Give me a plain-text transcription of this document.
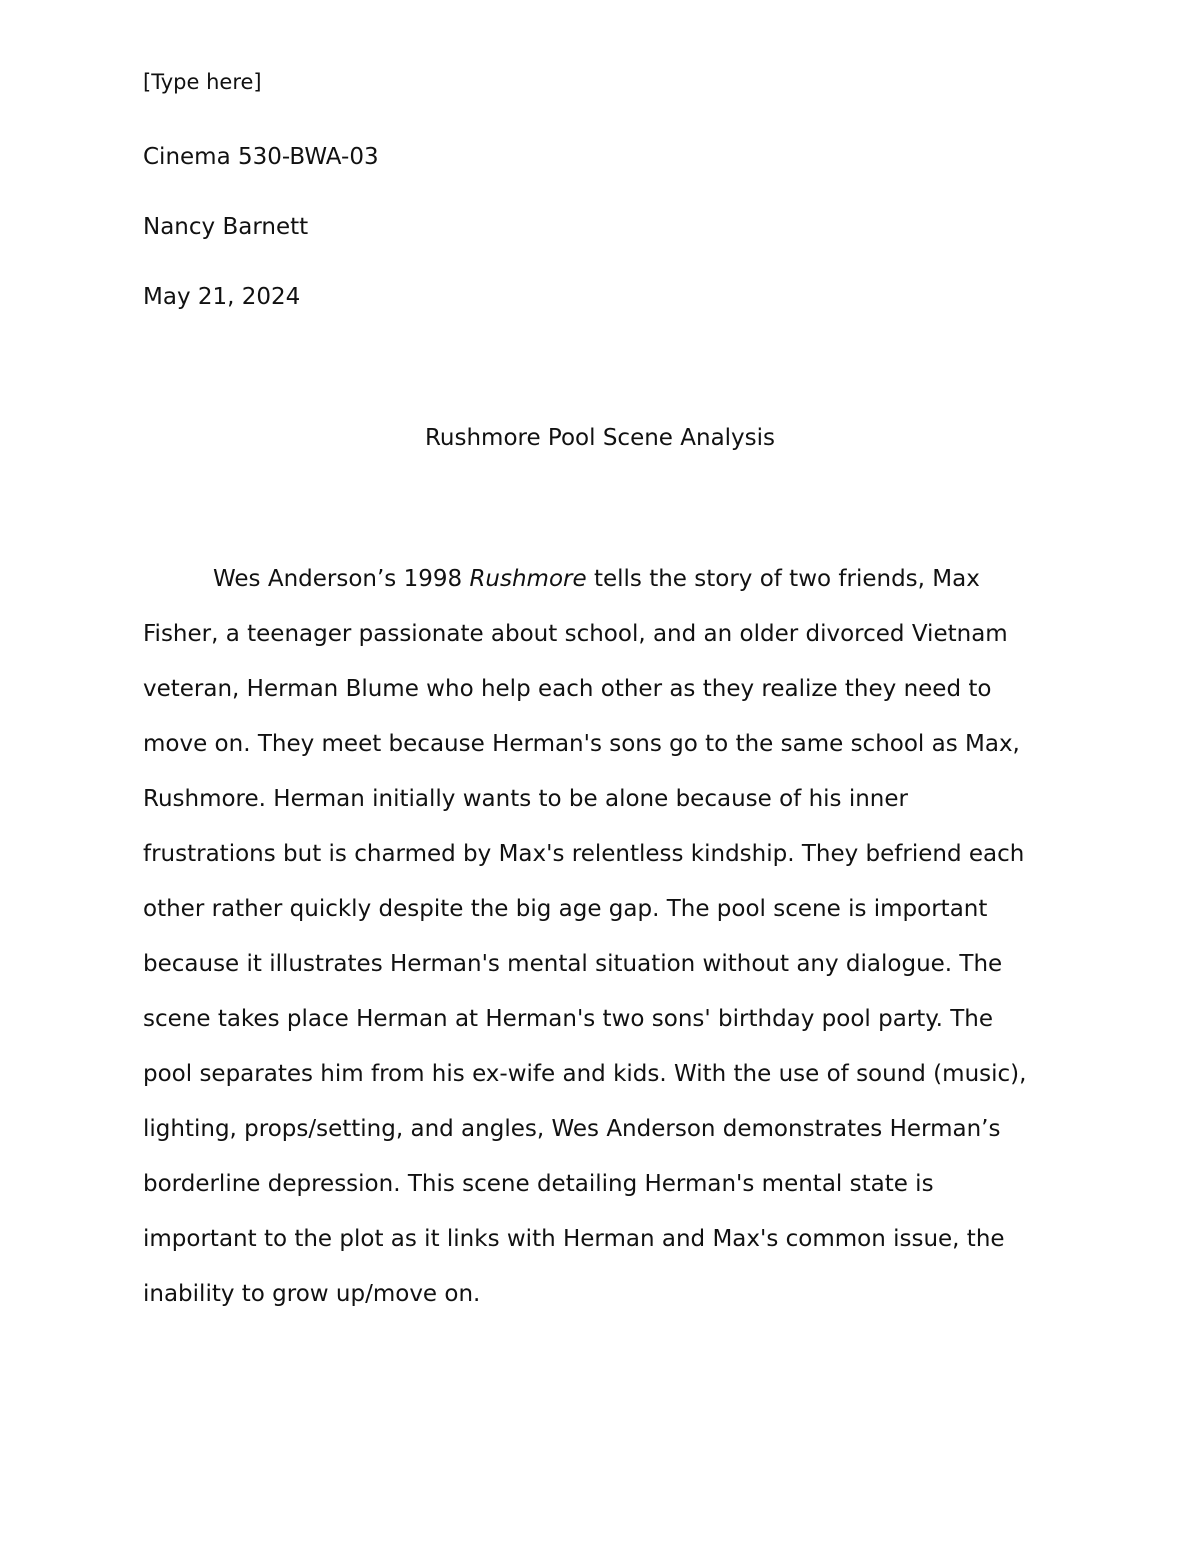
[Type here]
Cinema 530-BWA-03
Nancy Barnett
May 21, 2024
Rushmore Pool Scene Analysis
Wes Anderson’s 1998 Rushmore tells the story of two friends, Max
Fisher, a teenager passionate about school, and an older divorced Vietnam
veteran, Herman Blume who help each other as they realize they need to
move on. They meet because Herman's sons go to the same school as Max,
Rushmore. Herman initially wants to be alone because of his inner
frustrations but is charmed by Max's relentless kindship. They befriend each
other rather quickly despite the big age gap. The pool scene is important
because it illustrates Herman's mental situation without any dialogue. The
scene takes place Herman at Herman's two sons' birthday pool party. The
pool separates him from his ex-wife and kids. With the use of sound (music),
lighting, props/setting, and angles, Wes Anderson demonstrates Herman’s
borderline depression. This scene detailing Herman's mental state is
important to the plot as it links with Herman and Max's common issue, the
inability to grow up/move on.
